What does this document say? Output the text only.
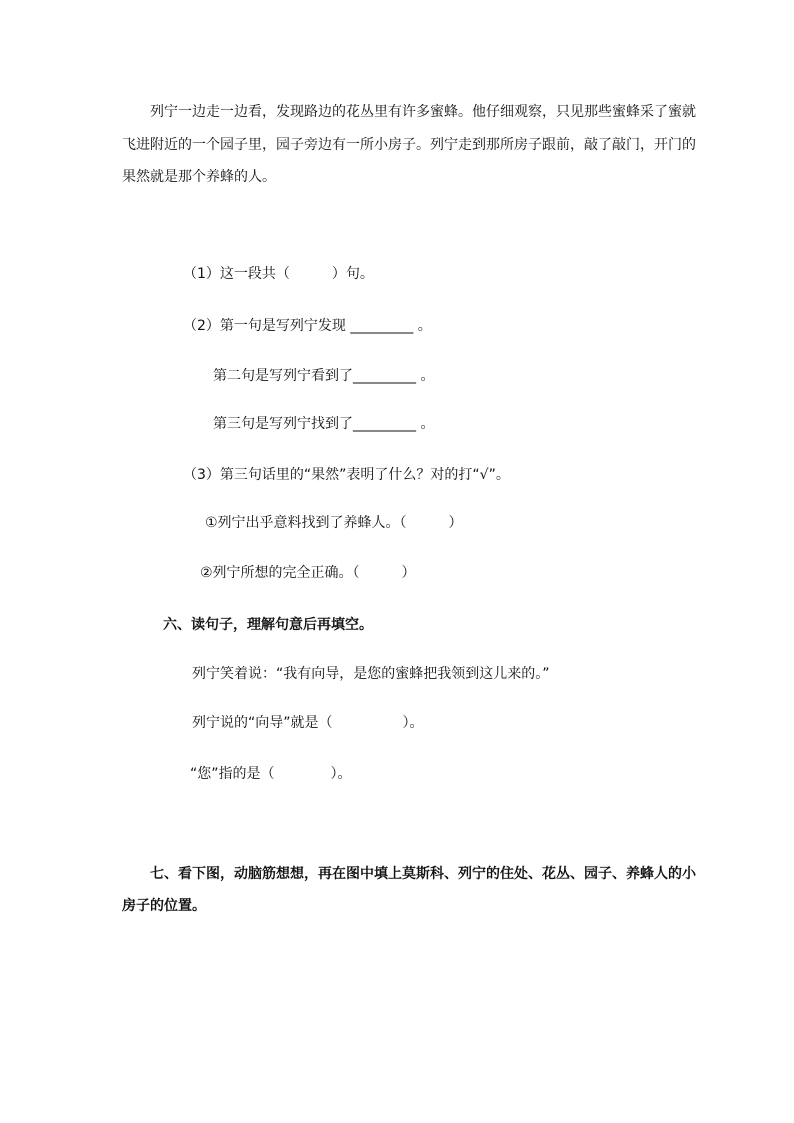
列宁一边走一边看，发现路边的花丛里有许多蜜蜂。他仔细观察，只见那些蜜蜂采了蜜就
飞进附近的一个园子里，园子旁边有一所小房子。列宁走到那所房子跟前，敲了敲门，开门的
果然就是那个养蜂的人。
（1）这一段共（　　　）句。
（2）第一句是写列宁发现 _________ 。
第二句是写列宁看到了_________ 。
第三句是写列宁找到了_________ 。
（3）第三句话里的“果然”表明了什么？对的打“√”。
①列宁出乎意料找到了养蜂人。（　　　）
②列宁所想的完全正确。（　　　）
六、读句子，理解句意后再填空。
列宁笑着说：“我有向导，是您的蜜蜂把我领到这儿来的。”
列宁说的“向导”就是（　　　　　）。
“您”指的是（　　　　）。
七、看下图，动脑筋想想，再在图中填上莫斯科、列宁的住处、花丛、园子、养蜂人的小
房子的位置。
